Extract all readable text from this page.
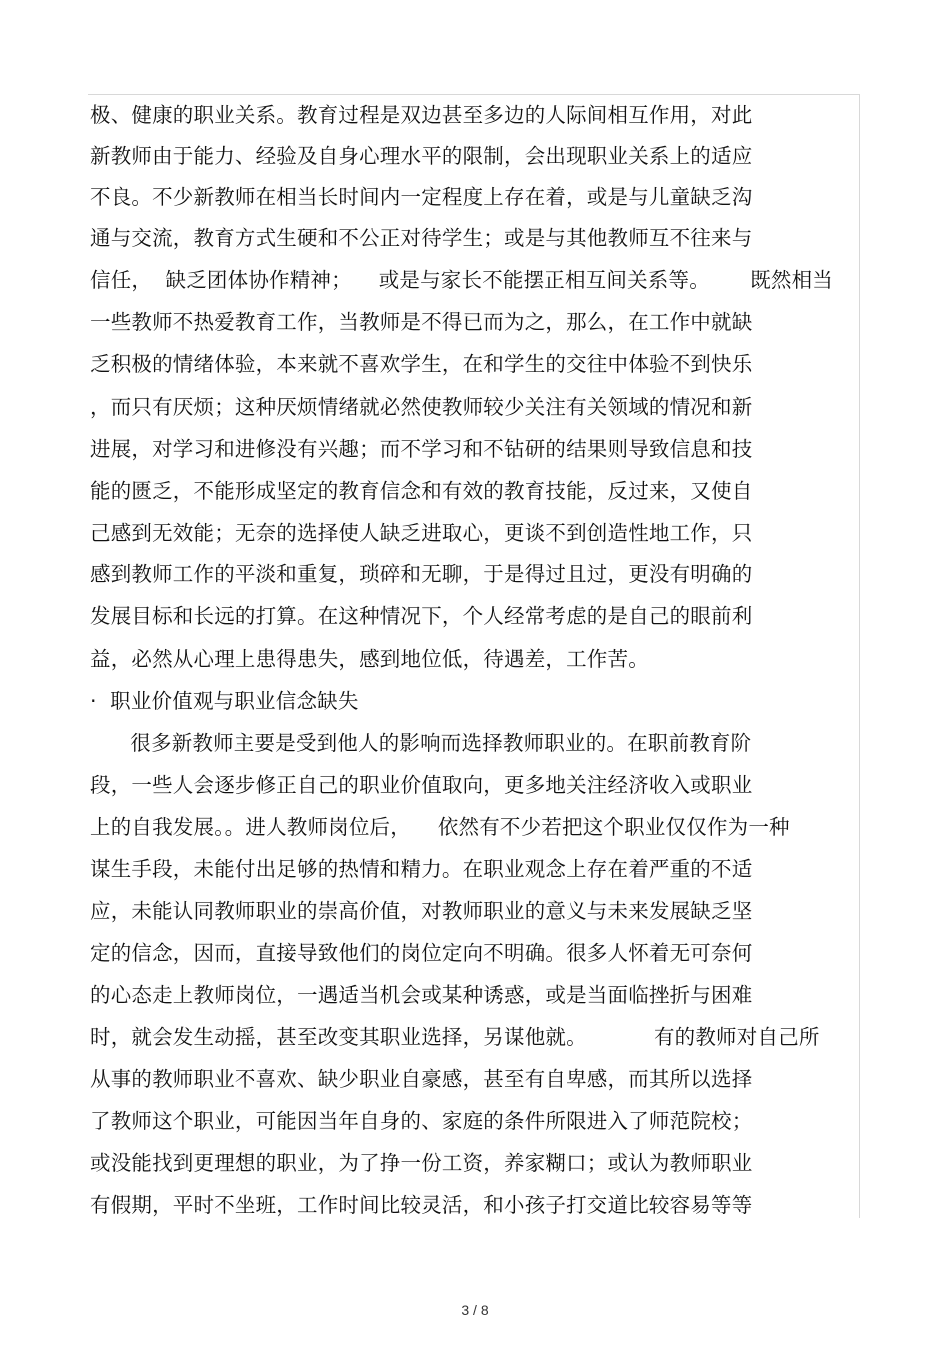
极、健康的职业关系。教育过程是双边甚至多边的人际间相互作用，对此
新教师由于能力、经验及自身心理水平的限制，会出现职业关系上的适应
不良。不少新教师在相当长时间内一定程度上存在着，或是与儿童缺乏沟
通与交流，教育方式生硬和不公正对待学生；或是与其他教师互不往来与
信任，  缺乏团体协作精神；    或是与家长不能摆正相互间关系等。      既然相当
一些教师不热爱教育工作，当教师是不得已而为之，那么，在工作中就缺
乏积极的情绪体验，本来就不喜欢学生，在和学生的交往中体验不到快乐
，而只有厌烦；这种厌烦情绪就必然使教师较少关注有关领域的情况和新
进展，对学习和进修没有兴趣；而不学习和不钻研的结果则导致信息和技
能的匮乏，不能形成坚定的教育信念和有效的教育技能，反过来，又使自
己感到无效能；无奈的选择使人缺乏进取心，更谈不到创造性地工作，只
感到教师工作的平淡和重复，琐碎和无聊，于是得过且过，更没有明确的
发展目标和长远的打算。在这种情况下，个人经常考虑的是自己的眼前利
益，必然从心理上患得患失，感到地位低，待遇差，工作苦。
·  职业价值观与职业信念缺失
很多新教师主要是受到他人的影响而选择教师职业的。在职前教育阶
段，一些人会逐步修正自己的职业价值取向，更多地关注经济收入或职业
上的自我发展。。进人教师岗位后，    依然有不少若把这个职业仅仅作为一种
谋生手段，未能付出足够的热情和精力。在职业观念上存在着严重的不适
应，未能认同教师职业的崇高价值，对教师职业的意义与未来发展缺乏坚
定的信念，因而，直接导致他们的岗位定向不明确。很多人怀着无可奈何
的心态走上教师岗位，一遇适当机会或某种诱惑，或是当面临挫折与困难
时，就会发生动摇，甚至改变其职业选择，另谋他就。          有的教师对自己所
从事的教师职业不喜欢、缺少职业自豪感，甚至有自卑感，而其所以选择
了教师这个职业，可能因当年自身的、家庭的条件所限进入了师范院校；
或没能找到更理想的职业，为了挣一份工资，养家糊口；或认为教师职业
有假期，平时不坐班，工作时间比较灵活，和小孩子打交道比较容易等等
3 / 8
